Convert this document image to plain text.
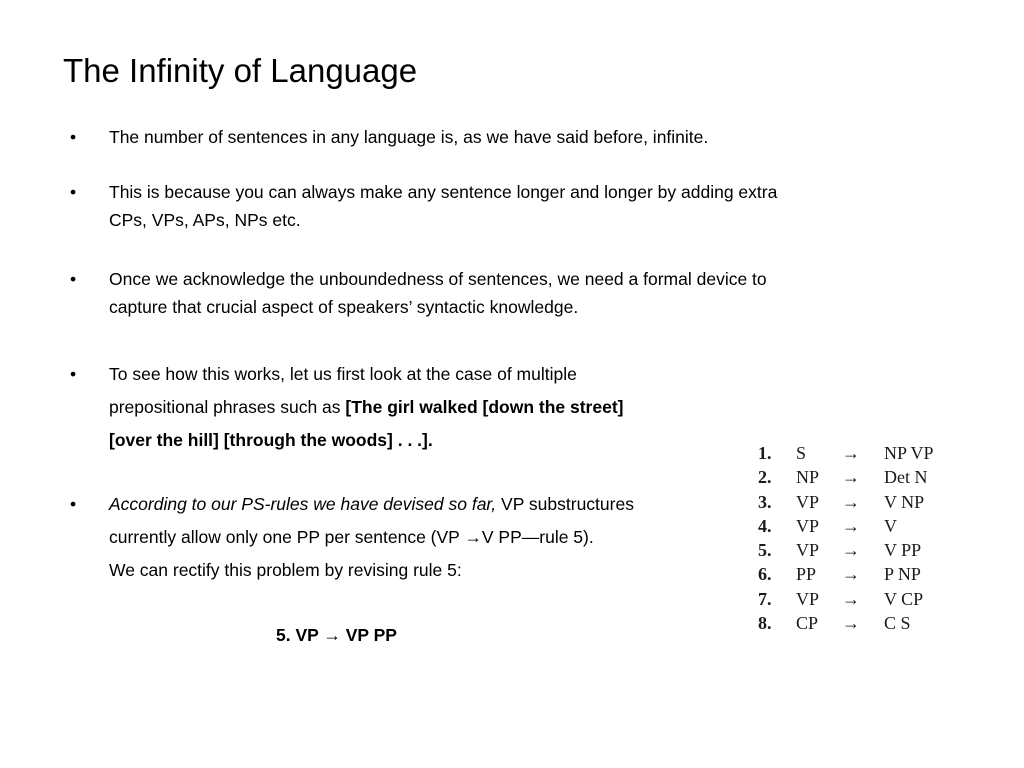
The Infinity of Language
• The number of sentences in any language is, as we have said before, infinite.
• This is because you can always make any sentence longer and longer by adding extra
CPs, VPs, APs, NPs etc.
• Once we acknowledge the unboundedness of sentences, we need a formal device to
capture that crucial aspect of speakers’ syntactic knowledge.
• To see how this works, let us first look at the case of multiple
prepositional phrases such as [The girl walked [down the street]
[over the hill] [through the woods] . . .].
• According to our PS-rules we have devised so far, VP substructures
currently allow only one PP per sentence (VP →V PP—rule 5).
We can rectify this problem by revising rule 5:
5. VP → VP PP
1. S → NP VP
2. NP → Det N
3. VP → V NP
4. VP → V
5. VP → V PP
6. PP → P NP
7. VP → V CP
8. CP → C S
